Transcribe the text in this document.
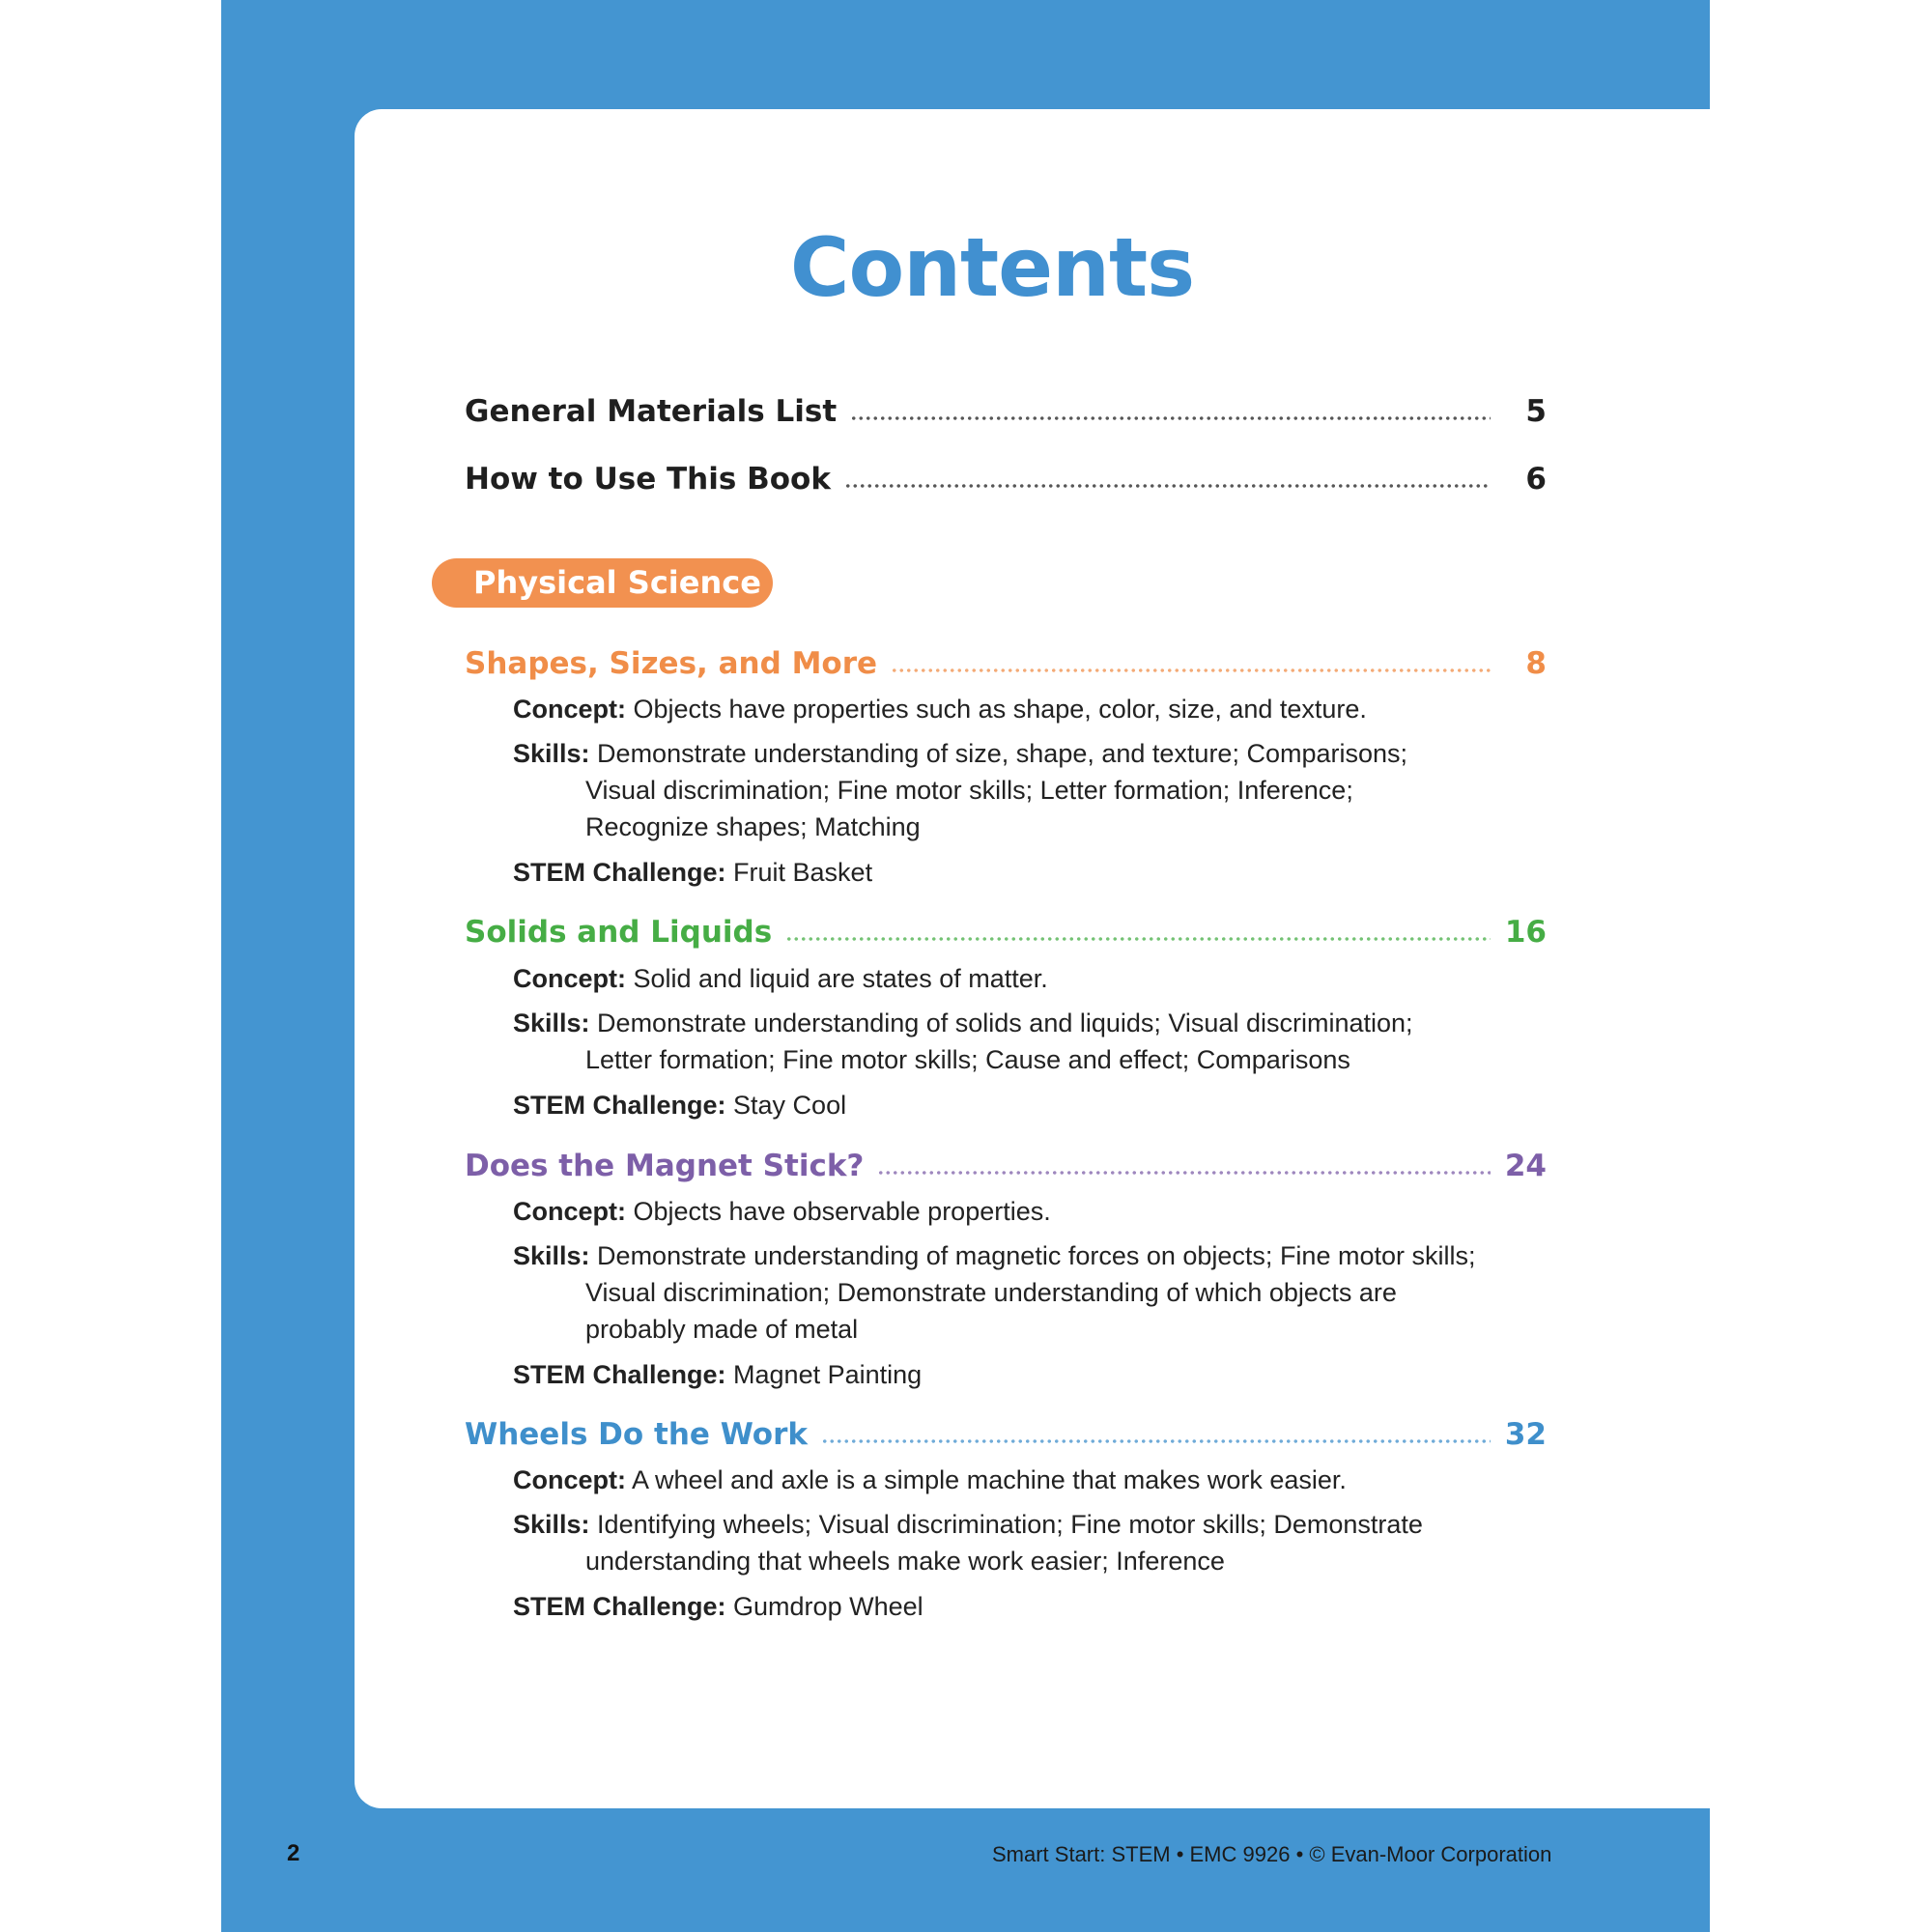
Contents
General Materials List	5
How to Use This Book	6
Physical Science
Shapes, Sizes, and More	8
Concept: Objects have properties such as shape, color, size, and texture.
Skills: Demonstrate understanding of size, shape, and texture; Comparisons;
Visual discrimination; Fine motor skills; Letter formation; Inference;
Recognize shapes; Matching
STEM Challenge: Fruit Basket
Solids and Liquids	16
Concept: Solid and liquid are states of matter.
Skills: Demonstrate understanding of solids and liquids; Visual discrimination;
Letter formation; Fine motor skills; Cause and effect; Comparisons
STEM Challenge: Stay Cool
Does the Magnet Stick?	24
Concept: Objects have observable properties.
Skills: Demonstrate understanding of magnetic forces on objects; Fine motor skills;
Visual discrimination; Demonstrate understanding of which objects are
probably made of metal
STEM Challenge: Magnet Painting
Wheels Do the Work	32
Concept: A wheel and axle is a simple machine that makes work easier.
Skills: Identifying wheels; Visual discrimination; Fine motor skills; Demonstrate
understanding that wheels make work easier; Inference
STEM Challenge: Gumdrop Wheel
2	Smart Start: STEM • EMC 9926 • © Evan-Moor Corporation
